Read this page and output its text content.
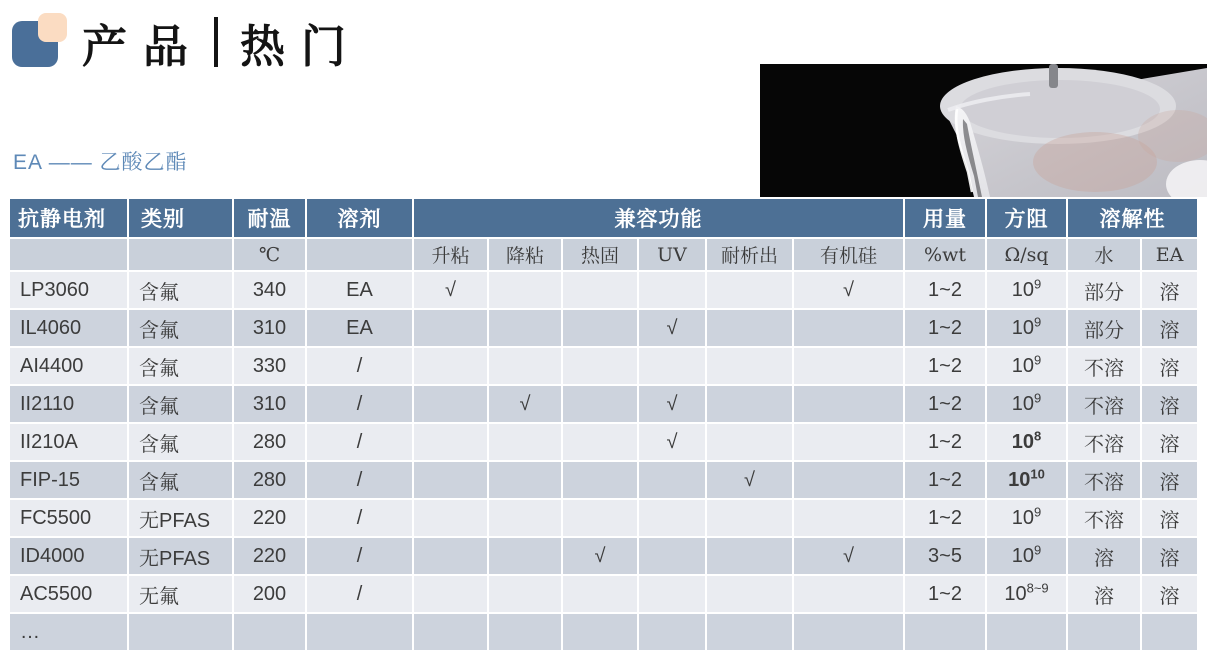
产品 热门
EA —— 乙酸乙酯
抗静电剂	类别	耐温	溶剂	兼容功能						用量	方阻	溶解性	
		℃		升粘	降粘	热固	UV	耐析出	有机硅	%wt	Ω/sq	水	EA
LP3060	含氟	340	EA	√					√	1~2	$10^9$	部分	溶
IL4060	含氟	310	EA				√			1~2	$10^9$	部分	溶
AI4400	含氟	330	/							1~2	$10^9$	不溶	溶
II2110	含氟	310	/		√		√			1~2	$10^9$	不溶	溶
II210A	含氟	280	/				√			1~2	$10^8$	不溶	溶
FIP-15	含氟	280	/					√		1~2	$10^{10}$	不溶	溶
FC5500	无PFAS	220	/							1~2	$10^9$	不溶	溶
ID4000	无PFAS	220	/			√			√	3~5	$10^9$	溶	溶
AC5500	无氟	200	/							1~2	$10^{8\sim 9}$	溶	溶
…													
